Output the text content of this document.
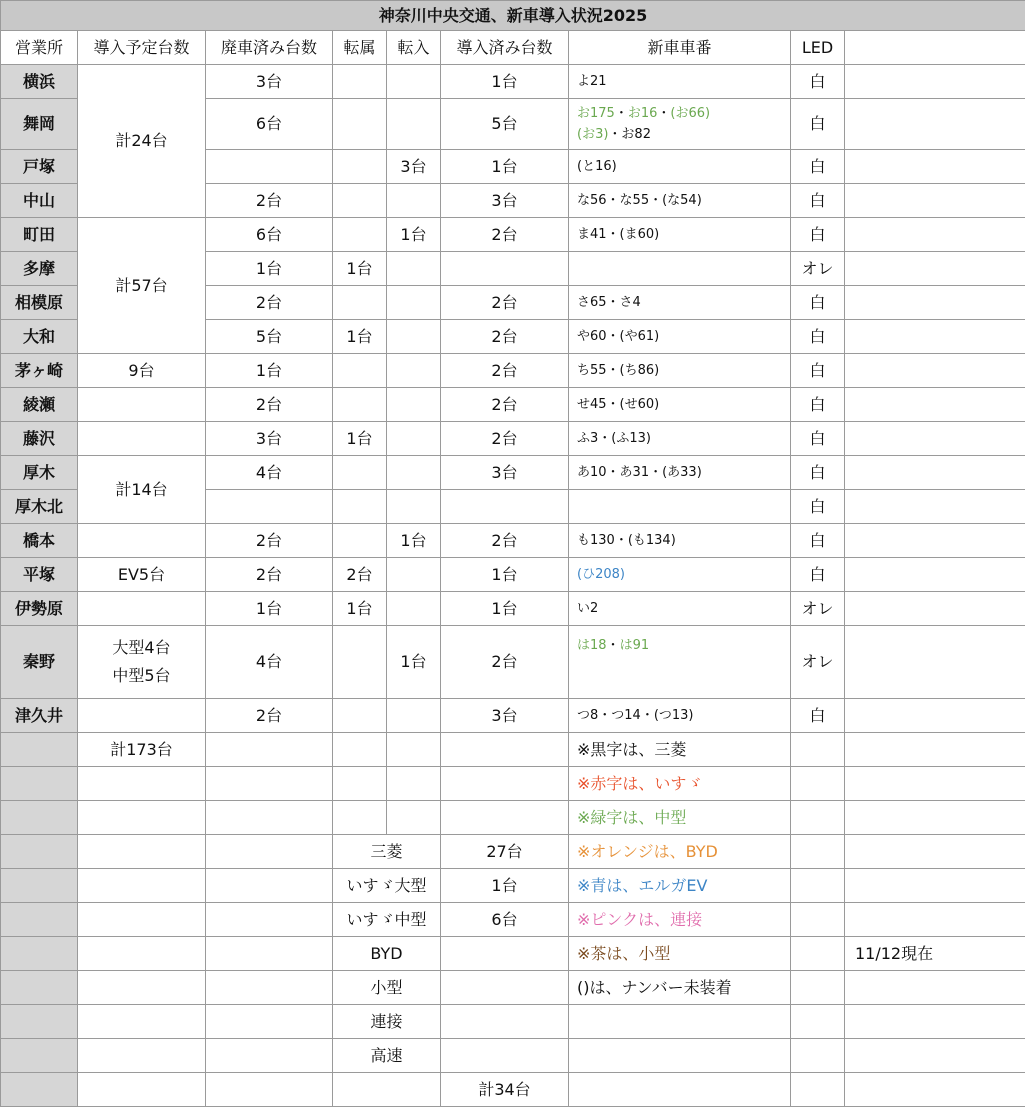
神奈川中央交通、新車導入状況2025								
営業所	導入予定台数	廃車済み台数	転属	転入	導入済み台数	新車車番	LED	
横浜	計24台	3台			1台	よ21	白	
舞岡		6台			5台	お175・お16・(お66)
(お3)・お82	白	
戸塚				3台	1台	(と16)	白	
中山		2台			3台	な56・な55・(な54)	白	
町田	計57台	6台		1台	2台	ま41・(ま60)	白	
多摩		1台	1台				オレ	
相模原		2台			2台	さ65・さ4	白	
大和		5台	1台		2台	や60・(や61)	白	
茅ヶ崎	9台	1台			2台	ち55・(ち86)	白	
綾瀬		2台			2台	せ45・(せ60)	白	
藤沢		3台	1台		2台	ふ3・(ふ13)	白	
厚木	計14台	4台			3台	あ10・あ31・(あ33)	白	
厚木北							白	
橋本		2台		1台	2台	も130・(も134)	白	
平塚	EV5台	2台	2台		1台	(ひ208)	白	
伊勢原		1台	1台		1台	い2	オレ	
秦野	大型4台
中型5台	4台		1台	2台	は18・は91	オレ	
津久井		2台			3台	つ8・つ14・(つ13)	白	
	計173台					※黒字は、三菱		
						※赤字は、いすゞ		
						※緑字は、中型		
			三菱		27台	※オレンジは、BYD		
			いすゞ大型		1台	※青は、エルガEV		
			いすゞ中型		6台	※ピンクは、連接		
			BYD			※茶は、小型		11/12現在
			小型			()は、ナンバー未装着		
			連接					
			高速					
					計34台			
